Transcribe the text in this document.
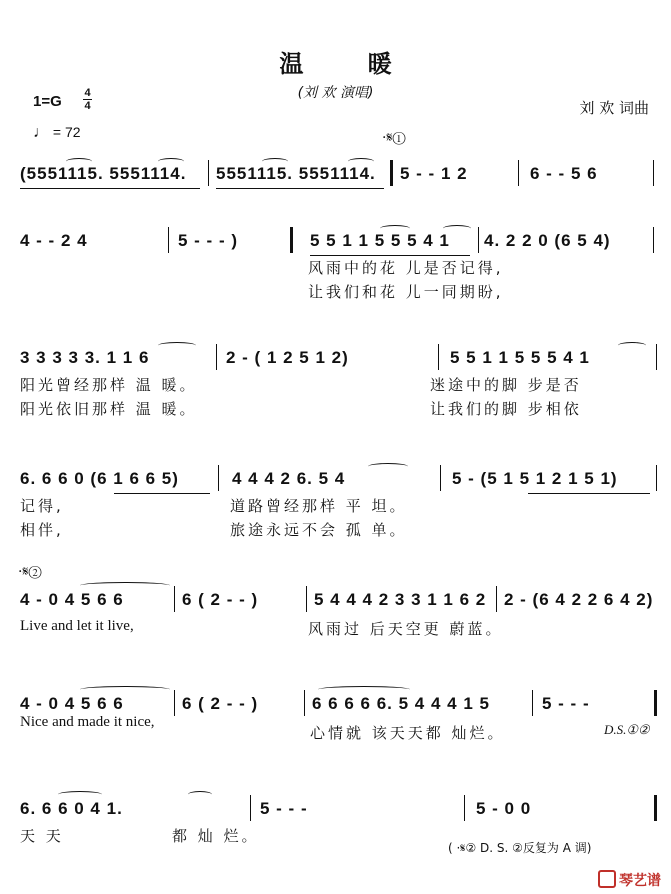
温 暖
(刘 欢 演唱)
刘 欢 词曲
1=G 4
4
♩ = 72	·𝄋①
(5551115. 5551114. 5551115. 5551114. 5 - - 1 2	6 - - 5 6
4 - - 2 4	5 - - - )	5 5 1 1 5 5 5 4 1 4. 2 2 0 (6 5 4)
风雨中的花 儿是否记得,
让我们和花 儿一同期盼,
3 3 3 3 3. 1 1 6	2 - ( 1 2 5 1 2)	5 5 1 1 5 5 5 4 1
阳光曾经那样 温 暖。
阳光依旧那样 温 暖。
迷途中的脚 步是否
让我们的脚 步相依
6. 6 6 0 (6 1 6 6 5)	4 4 4 2 6. 5 4	5 - (5 1 5 1 2 1 5 1)
记得,
相伴,
道路曾经那样 平 坦。
旅途永远不会 孤 单。
·𝄋②
4 - 0 4 5 6 6	6 ( 2 - - )	5 4 4 4 2 3 3 1 1 6 2 2 - (6 4 2 2 6 4 2)
Live and let it live,	风雨过 后天空更 蔚蓝。
4 - 0 4 5 6 6	6 ( 2 - - )	6 6 6 6 6. 5 4 4 4 1 5	5 - - -
Nice and made it nice,
心情就 该天天都 灿烂。	D.S.①②
6. 6 6 0 4 1.	5 - - -	5 - 0 0
天 天	都 灿 烂。
( ·𝄋② D. S. ②反复为 A 调)
琴艺谱
